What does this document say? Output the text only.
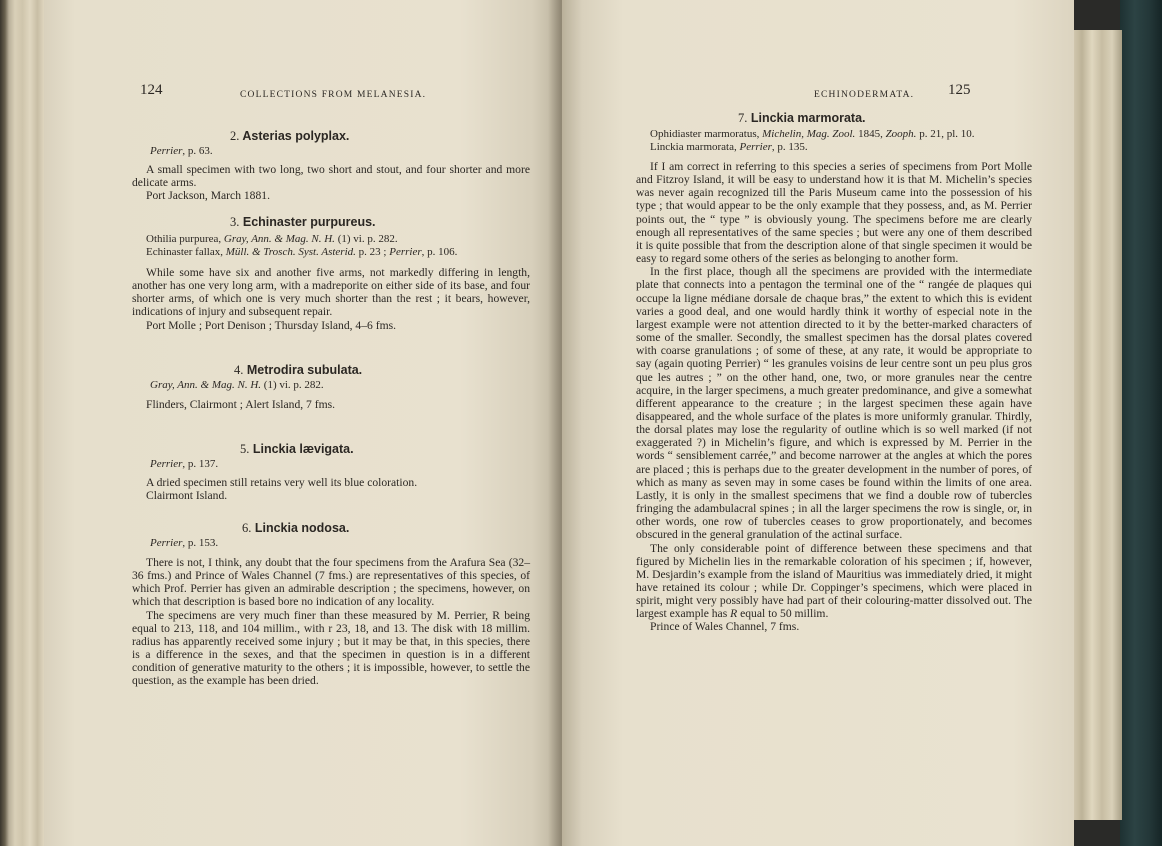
124	COLLECTIONS FROM MELANESIA.
2. Asterias polyplax.
Perrier, p. 63.

A small specimen with two long, two short and stout, and four shorter and more delicate arms.

Port Jackson, March 1881.

3. Echinaster purpureus.
Othilia purpurea, Gray, Ann. & Mag. N. H. (1) vi. p. 282.
Echinaster fallax, Müll. & Trosch. Syst. Asterid. p. 23 ; Perrier, p. 106.

While some have six and another five arms, not markedly differing in length, another has one very long arm, with a madreporite on either side of its base, and four shorter arms, of which one is very much shorter than the rest ; it bears, however, indications of injury and subsequent repair.

Port Molle ; Port Denison ; Thursday Island, 4–6 fms.

4. Metrodira subulata.
Gray, Ann. & Mag. N. H. (1) vi. p. 282.

Flinders, Clairmont ; Alert Island, 7 fms.

5. Linckia lævigata.
Perrier, p. 137.

A dried specimen still retains very well its blue coloration.

Clairmont Island.

6. Linckia nodosa.
Perrier, p. 153.

There is not, I think, any doubt that the four specimens from the Arafura Sea (32–36 fms.) and Prince of Wales Channel (7 fms.) are representatives of this species, of which Prof. Perrier has given an admirable description ; the specimens, however, on which that description is based bore no indication of any locality.

The specimens are very much finer than these measured by M. Perrier, R being equal to 213, 118, and 104 millim., with r 23, 18, and 13. The disk with 18 millim. radius has apparently received some injury ; but it may be that, in this species, there is a difference in the sexes, and that the specimen in question is in a different condition of generative maturity to the others ; it is impossible, however, to settle the question, as the example has been dried.

ECHINODERMATA. 125
7. Linckia marmorata.
Ophidiaster marmoratus, Michelin, Mag. Zool. 1845, Zooph. p. 21, pl. 10.
Linckia marmorata, Perrier, p. 135.

If I am correct in referring to this species a series of specimens from Port Molle and Fitzroy Island, it will be easy to understand how it is that M. Michelin’s species was never again recognized till the Paris Museum came into the possession of his type ; that would appear to be the only example that they possess, and, as M. Perrier points out, the “ type ” is obviously young. The specimens before me are clearly enough all representatives of the same species ; but were any one of them described it is quite possible that from the description alone of that single specimen it would be easy to regard some others of the series as belonging to another form.

In the first place, though all the specimens are provided with the intermediate plate that connects into a pentagon the terminal one of the “ rangée de plaques qui occupe la ligne médiane dorsale de chaque bras,” the extent to which this is evident varies a good deal, and one would hardly think it worthy of especial note in the largest example were not attention directed to it by the better-marked characters of some of the smaller. Secondly, the smallest specimen has the dorsal plates covered with coarse granulations ; of some of these, at any rate, it would be appropriate to say (again quoting Perrier) “ les granules voisins de leur centre sont un peu plus gros que les autres ; ” on the other hand, one, two, or more granules near the centre acquire, in the larger specimens, a much greater predominance, and give a somewhat different appearance to the creature ; in the largest specimen these again have disappeared, and the whole surface of the plates is more uniformly granular. Thirdly, the dorsal plates may lose the regularity of outline which is so well marked (if not exaggerated ?) in Michelin’s figure, and which is expressed by M. Perrier in the words “ sensiblement carrée,” and become narrower at the angles at which the pores are placed ; this is perhaps due to the greater development in the number of pores, of which as many as seven may in some cases be found within the limits of one area. Lastly, it is only in the smallest specimens that we find a double row of tubercles fringing the adambulacral spines ; in all the larger specimens the row is single, or, in other words, one row of tubercles ceases to grow proportionately, and becomes obscured in the general granulation of the actinal surface.

The only considerable point of difference between these specimens and that figured by Michelin lies in the remarkable coloration of his specimen ; if, however, M. Desjardin’s example from the island of Mauritius was immediately dried, it might have retained its colour ; while Dr. Coppinger’s specimens, which were placed in spirit, might very possibly have had part of their colouring-matter dissolved out. The largest example has R equal to 50 millim.

Prince of Wales Channel, 7 fms.
